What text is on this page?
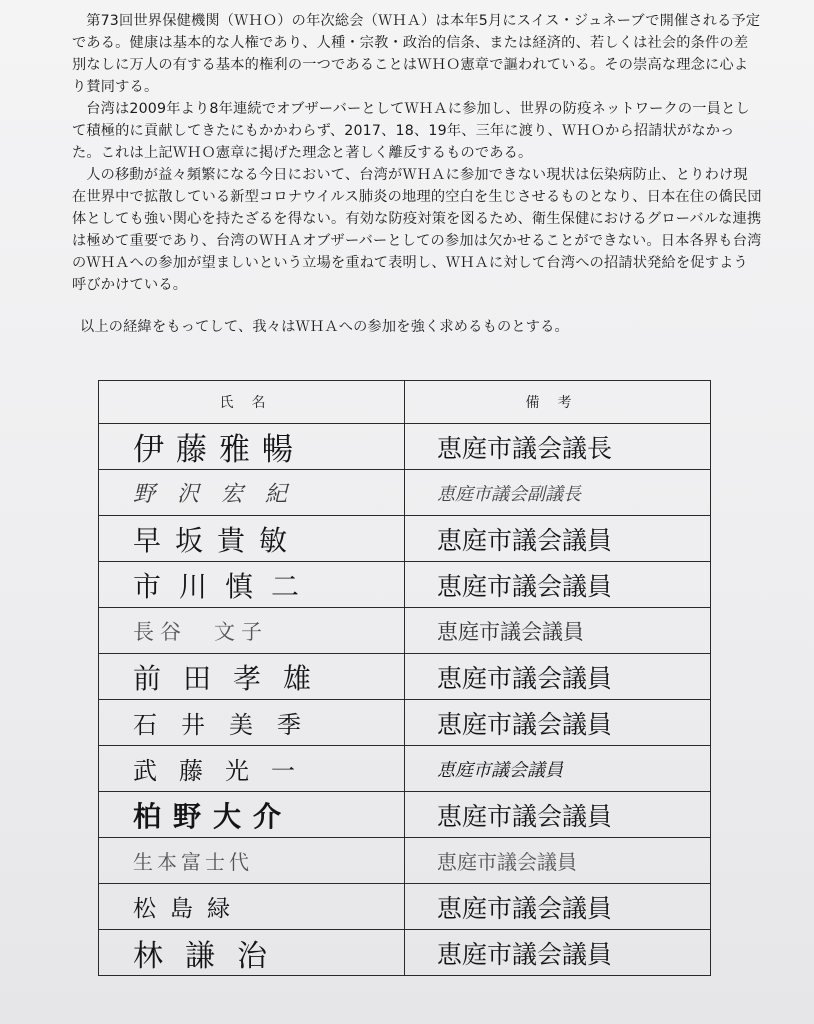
第73回世界保健機関（ＷＨＯ）の年次総会（ＷＨＡ）は本年5月にスイス・ジュネーブで開催される予定である。健康は基本的な人権であり、人種・宗教・政治的信条、または経済的、若しくは社会的条件の差別なしに万人の有する基本的権利の一つであることはＷＨＯ憲章で謳われている。その崇高な理念に心より賛同する。

台湾は2009年より8年連続でオブザーバーとしてＷＨＡに参加し、世界の防疫ネットワークの一員として積極的に貢献してきたにもかかわらず、2017、18、19年、三年に渡り、ＷＨＯから招請状がなかった。これは上記ＷＨＯ憲章に掲げた理念と著しく離反するものである。

人の移動が益々頻繁になる今日において、台湾がＷＨＡに参加できない現状は伝染病防止、とりわけ現在世界中で拡散している新型コロナウイルス肺炎の地理的空白を生じさせるものとなり、日本在住の僑民団体としても強い関心を持たざるを得ない。有効な防疫対策を図るため、衛生保健におけるグローバルな連携は極めて重要であり、台湾のＷＨＡオブザーバーとしての参加は欠かせることができない。日本各界も台湾のＷＨＡへの参加が望ましいという立場を重ねて表明し、ＷＨＡに対して台湾への招請状発給を促すよう呼びかけている。

以上の経緯をもってして、我々はＷＨＡへの参加を強く求めるものとする。
氏名	備考
伊藤雅暢	恵庭市議会議長
野沢宏紀	恵庭市議会副議長
早坂貴敏	恵庭市議会議員
市川慎二	恵庭市議会議員
長谷　文子	恵庭市議会議員
前田孝雄	恵庭市議会議員
石井美季	恵庭市議会議員
武藤光一	恵庭市議会議員
柏野大介	恵庭市議会議員
生本富士代	恵庭市議会議員
松島緑	恵庭市議会議員
林謙治	恵庭市議会議員
